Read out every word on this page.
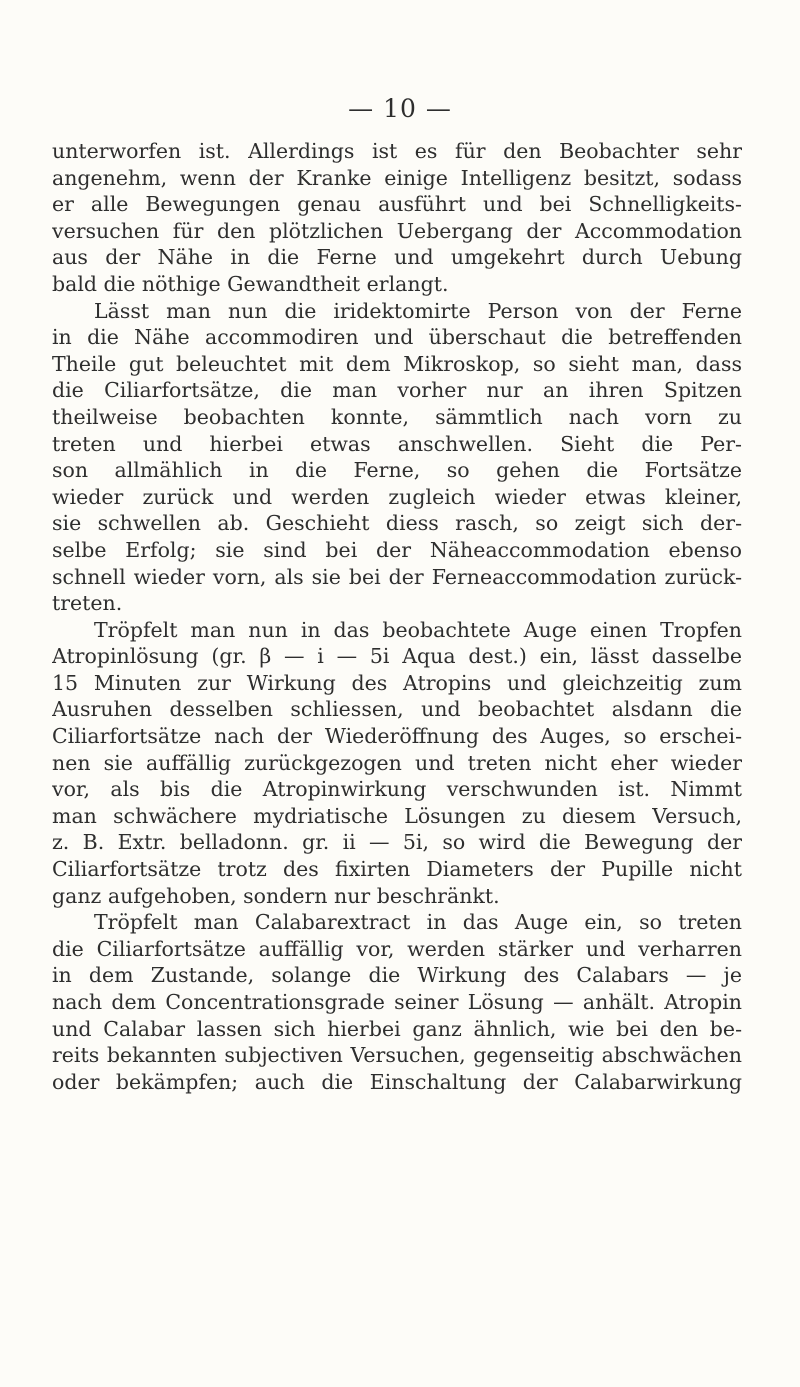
— 10 —
unterworfen ist. Allerdings ist es für den Beobachter sehr
angenehm, wenn der Kranke einige Intelligenz besitzt, sodass
er alle Bewegungen genau ausführt und bei Schnelligkeits-
versuchen für den plötzlichen Uebergang der Accommodation
aus der Nähe in die Ferne und umgekehrt durch Uebung
bald die nöthige Gewandtheit erlangt.
Lässt man nun die iridektomirte Person von der Ferne
in die Nähe accommodiren und überschaut die betreffenden
Theile gut beleuchtet mit dem Mikroskop, so sieht man, dass
die Ciliarfortsätze, die man vorher nur an ihren Spitzen
theilweise beobachten konnte, sämmtlich nach vorn zu
treten und hierbei etwas anschwellen. Sieht die Per-
son allmählich in die Ferne, so gehen die Fortsätze
wieder zurück und werden zugleich wieder etwas kleiner,
sie schwellen ab. Geschieht diess rasch, so zeigt sich der-
selbe Erfolg; sie sind bei der Näheaccommodation ebenso
schnell wieder vorn, als sie bei der Ferneaccommodation zurück-
treten.
Tröpfelt man nun in das beobachtete Auge einen Tropfen
Atropinlösung (gr. β — i — 5i Aqua dest.) ein, lässt dasselbe
15 Minuten zur Wirkung des Atropins und gleichzeitig zum
Ausruhen desselben schliessen, und beobachtet alsdann die
Ciliarfortsätze nach der Wiederöffnung des Auges, so erschei-
nen sie auffällig zurückgezogen und treten nicht eher wieder
vor, als bis die Atropinwirkung verschwunden ist. Nimmt
man schwächere mydriatische Lösungen zu diesem Versuch,
z. B. Extr. belladonn. gr. ii — 5i, so wird die Bewegung der
Ciliarfortsätze trotz des fixirten Diameters der Pupille nicht
ganz aufgehoben, sondern nur beschränkt.
Tröpfelt man Calabarextract in das Auge ein, so treten
die Ciliarfortsätze auffällig vor, werden stärker und verharren
in dem Zustande, solange die Wirkung des Calabars — je
nach dem Concentrationsgrade seiner Lösung — anhält. Atropin
und Calabar lassen sich hierbei ganz ähnlich, wie bei den be-
reits bekannten subjectiven Versuchen, gegenseitig abschwächen
oder bekämpfen; auch die Einschaltung der Calabarwirkung
